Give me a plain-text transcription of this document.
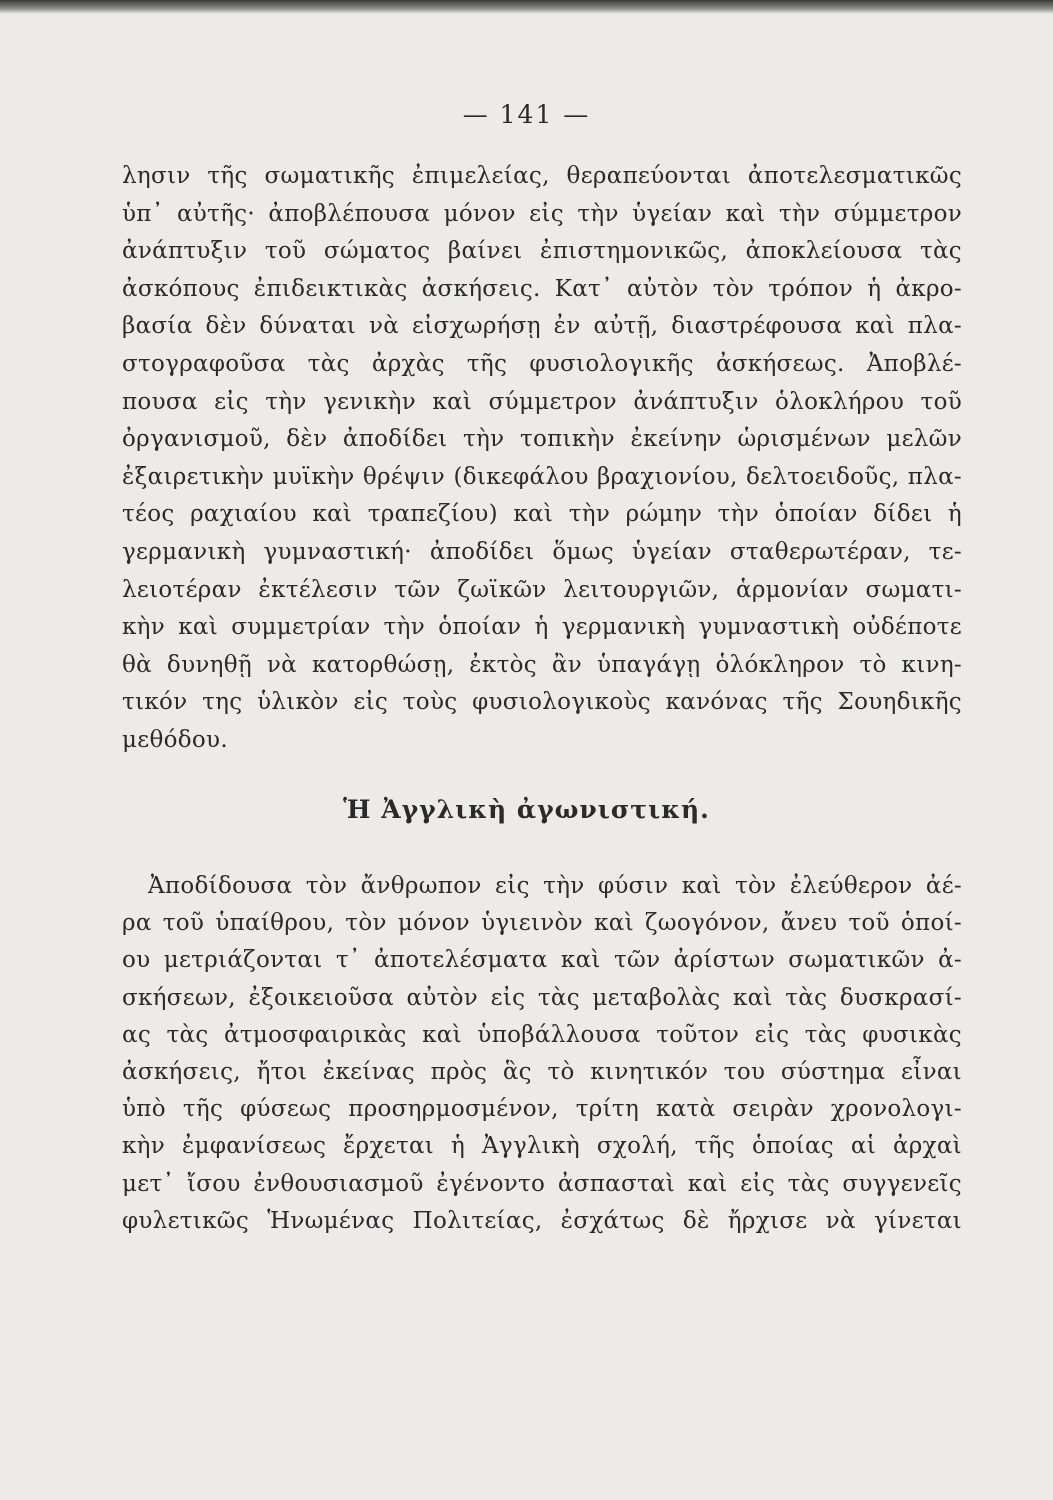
— 141 —
λησιν τῆς σωματικῆς ἐπιμελείας, θεραπεύονται ἀποτελεσματικῶς
ὑπ᾿ αὐτῆς· ἀποβλέπουσα μόνον εἰς τὴν ὑγείαν καὶ τὴν σύμμετρον
ἀνάπτυξιν τοῦ σώματος βαίνει ἐπιστημονικῶς, ἀποκλείουσα τὰς
ἀσκόπους ἐπιδεικτικὰς ἀσκήσεις. Κατ᾿ αὐτὸν τὸν τρόπον ἡ ἀκρο-
βασία δὲν δύναται νὰ εἰσχωρήσῃ ἐν αὐτῇ, διαστρέφουσα καὶ πλα-
στογραφοῦσα τὰς ἀρχὰς τῆς φυσιολογικῆς ἀσκήσεως. Ἀποβλέ-
πουσα εἰς τὴν γενικὴν καὶ σύμμετρον ἀνάπτυξιν ὁλοκλήρου τοῦ
ὀργανισμοῦ, δὲν ἀποδίδει τὴν τοπικὴν ἐκείνην ὡρισμένων μελῶν
ἐξαιρετικὴν μυϊκὴν θρέψιν (δικεφάλου βραχιονίου, δελτοειδοῦς, πλα-
τέος ραχιαίου καὶ τραπεζίου) καὶ τὴν ρώμην τὴν ὁποίαν δίδει ἡ
γερμανικὴ γυμναστική· ἀποδίδει ὅμως ὑγείαν σταθερωτέραν, τε-
λειοτέραν ἐκτέλεσιν τῶν ζωϊκῶν λειτουργιῶν, ἁρμονίαν σωματι-
κὴν καὶ συμμετρίαν τὴν ὁποίαν ἡ γερμανικὴ γυμναστικὴ οὐδέποτε
θὰ δυνηθῇ νὰ κατορθώσῃ, ἐκτὸς ἂν ὑπαγάγῃ ὁλόκληρον τὸ κινη-
τικόν της ὑλικὸν εἰς τοὺς φυσιολογικοὺς κανόνας τῆς Σουηδικῆς
μεθόδου.
Ἡ Ἀγγλικὴ ἀγωνιστική.
Ἀποδίδουσα τὸν ἄνθρωπον εἰς τὴν φύσιν καὶ τὸν ἐλεύθερον ἀέ-
ρα τοῦ ὑπαίθρου, τὸν μόνον ὑγιεινὸν καὶ ζωογόνον, ἄνευ τοῦ ὁποί-
ου μετριάζονται τ᾿ ἀποτελέσματα καὶ τῶν ἀρίστων σωματικῶν ἀ-
σκήσεων, ἐξοικειοῦσα αὐτὸν εἰς τὰς μεταβολὰς καὶ τὰς δυσκρασί-
ας τὰς ἀτμοσφαιρικὰς καὶ ὑποβάλλουσα τοῦτον εἰς τὰς φυσικὰς
ἀσκήσεις, ἤτοι ἐκείνας πρὸς ἃς τὸ κινητικόν του σύστημα εἶναι
ὑπὸ τῆς φύσεως προσηρμοσμένον, τρίτη κατὰ σειρὰν χρονολογι-
κὴν ἐμφανίσεως ἔρχεται ἡ Ἀγγλικὴ σχολή, τῆς ὁποίας αἱ ἀρχαὶ
μετ᾿ ἴσου ἐνθουσιασμοῦ ἐγένοντο ἀσπασταὶ καὶ εἰς τὰς συγγενεῖς
φυλετικῶς Ἡνωμένας Πολιτείας, ἐσχάτως δὲ ἤρχισε νὰ γίνεται
